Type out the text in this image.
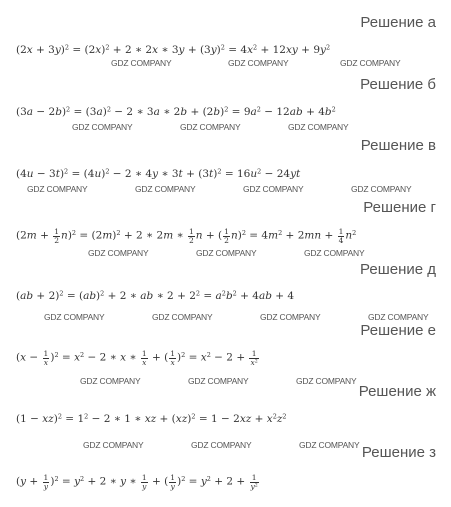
Решение а
$(2x + 3y)^2 = (2x)^2 + 2$ ∗ 2x ∗ $3y + (3y)^2 = 4x^2 + 12xy + 9y^2$
GDZ COMPANY	GDZ COMPANY	GDZ COMPANY
Решение б
$(3a - 2b)^2 = (3a)^2 - 2$ ∗ 3a ∗ $2b + (2b)^2 = 9a^2 - 12ab + 4b^2$
GDZ COMPANY	GDZ COMPANY	GDZ COMPANY
Решение в
$(4u - 3t)^2 = (4u)^2 - 2$ ∗ 4y ∗ $3t + (3t)^2 = 16u^2 - 24yt$
GDZ COMPANY	GDZ COMPANY	GDZ COMPANY	GDZ COMPANY
Решение г
$(2m + \frac{1}{2} n)^2 = (2m)^2 + 2$ ∗ 2m ∗ $\frac{1}{2}$ n + ( $\frac{1}{2} n)^2 = 4m^2 + 2mn + \frac{1}{4} n^2$
GDZ COMPANY	GDZ COMPANY	GDZ COMPANY
Решение д
(ab + 2)$^2$ = (ab)$^2$ + 2 ∗ ab ∗ $2 + 2^2 = a^2b^2 + 4ab + 4$
GDZ COMPANY	GDZ COMPANY	GDZ COMPANY	GDZ COMPANY
Решение е
$(x - \frac{1}{x} )^2 = x^2 - 2$ ∗ x ∗ $\frac{1}{x}$ + ( $\frac{1}{x} )^2 = x^2 - 2 + \frac{1}{x^2}$
GDZ COMPANY	GDZ COMPANY	GDZ COMPANY
Решение ж
$(1 - xz)^2 = 1^2 - 2$ ∗ 1 ∗ xz + $(xz)^2 = 1 - 2xz + x^2z^2$
GDZ COMPANY	GDZ COMPANY	GDZ COMPANY Решение з
$(y + \frac{1}{y} )^2 = y^2 + 2$ ∗ y ∗ $\frac{1}{y}$ + ( $\frac{1}{y} )^2 = y^2 + 2 + \frac{1}{y^2}$
